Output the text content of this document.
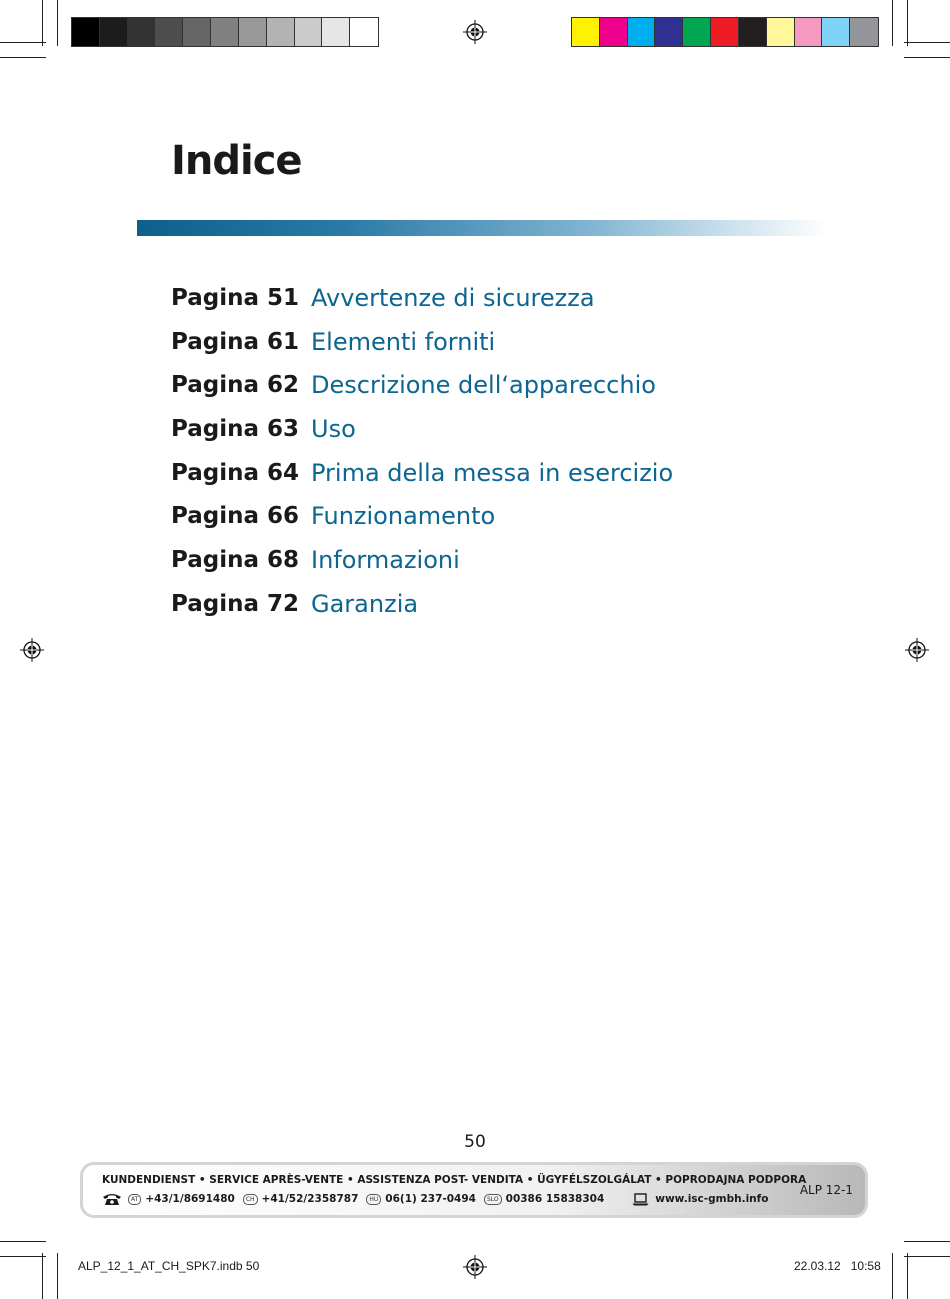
Indice
Pagina 51 Avvertenze di sicurezza
Pagina 61 Elementi forniti
Pagina 62 Descrizione dell‘apparecchio
Pagina 63 Uso
Pagina 64 Prima della messa in esercizio
Pagina 66 Funzionamento
Pagina 68 Informazioni
Pagina 72 Garanzia
50
KUNDENDIENST • SERVICE APRÈS-VENTE • ASSISTENZA POST- VENDITA • ÜGYFÉLSZOLGÁLAT • POPRODAJNA PODPORA
AT +43/1/8691480	CH +41/52/2358787	HU 06(1) 237-0494	SLO 00386 15838304	www.isc-gmbh.info
ALP 12-1
ALP_12_1_AT_CH_SPK7.indb 50	22.03.12 10:58
